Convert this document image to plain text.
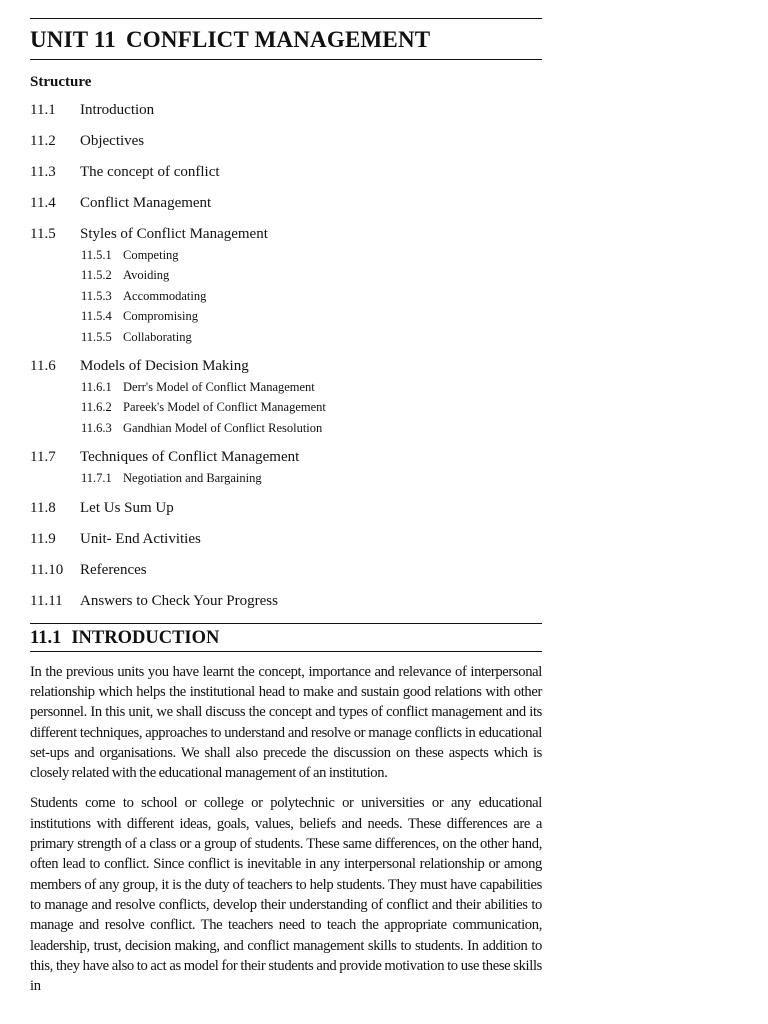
UNIT 11 CONFLICT MANAGEMENT
Structure
11.1	Introduction
11.2	Objectives
11.3	The concept of conflict
11.4	Conflict Management
11.5	Styles of Conflict Management
11.5.1 Competing
11.5.2 Avoiding
11.5.3 Accommodating
11.5.4 Compromising
11.5.5 Collaborating
11.6	Models of Decision Making
11.6.1 Derr's Model of Conflict Management
11.6.2 Pareek's Model of Conflict Management
11.6.3 Gandhian Model of Conflict Resolution
11.7	Techniques of Conflict Management
11.7.1 Negotiation and Bargaining
11.8	Let Us Sum Up
11.9	Unit- End Activities
11.10	References
11.11	Answers to Check Your Progress
11.1 INTRODUCTION

In the previous units you have learnt the concept, importance and relevance of interpersonal relationship which helps the institutional head to make and sustain good relations with other personnel. In this unit, we shall discuss the concept and types of conflict management and its different techniques, approaches to understand and resolve or manage conflicts in educational set-ups and organisations. We shall also precede the discussion on these aspects which is closely related with the educational management of an institution.

Students come to school or college or polytechnic or universities or any educational institutions with different ideas, goals, values, beliefs and needs. These differences are a primary strength of a class or a group of students. These same differences, on the other hand, often lead to conflict. Since conflict is inevitable in any interpersonal relationship or among members of any group, it is the duty of teachers to help students. They must have capabilities to manage and resolve conflicts, develop their understanding of conflict and their abilities to manage and resolve conflict. The teachers need to teach the appropriate communication, leadership, trust, decision making, and conflict management skills to students. In addition to this, they have also to act as model for their students and provide motivation to use these skills in
